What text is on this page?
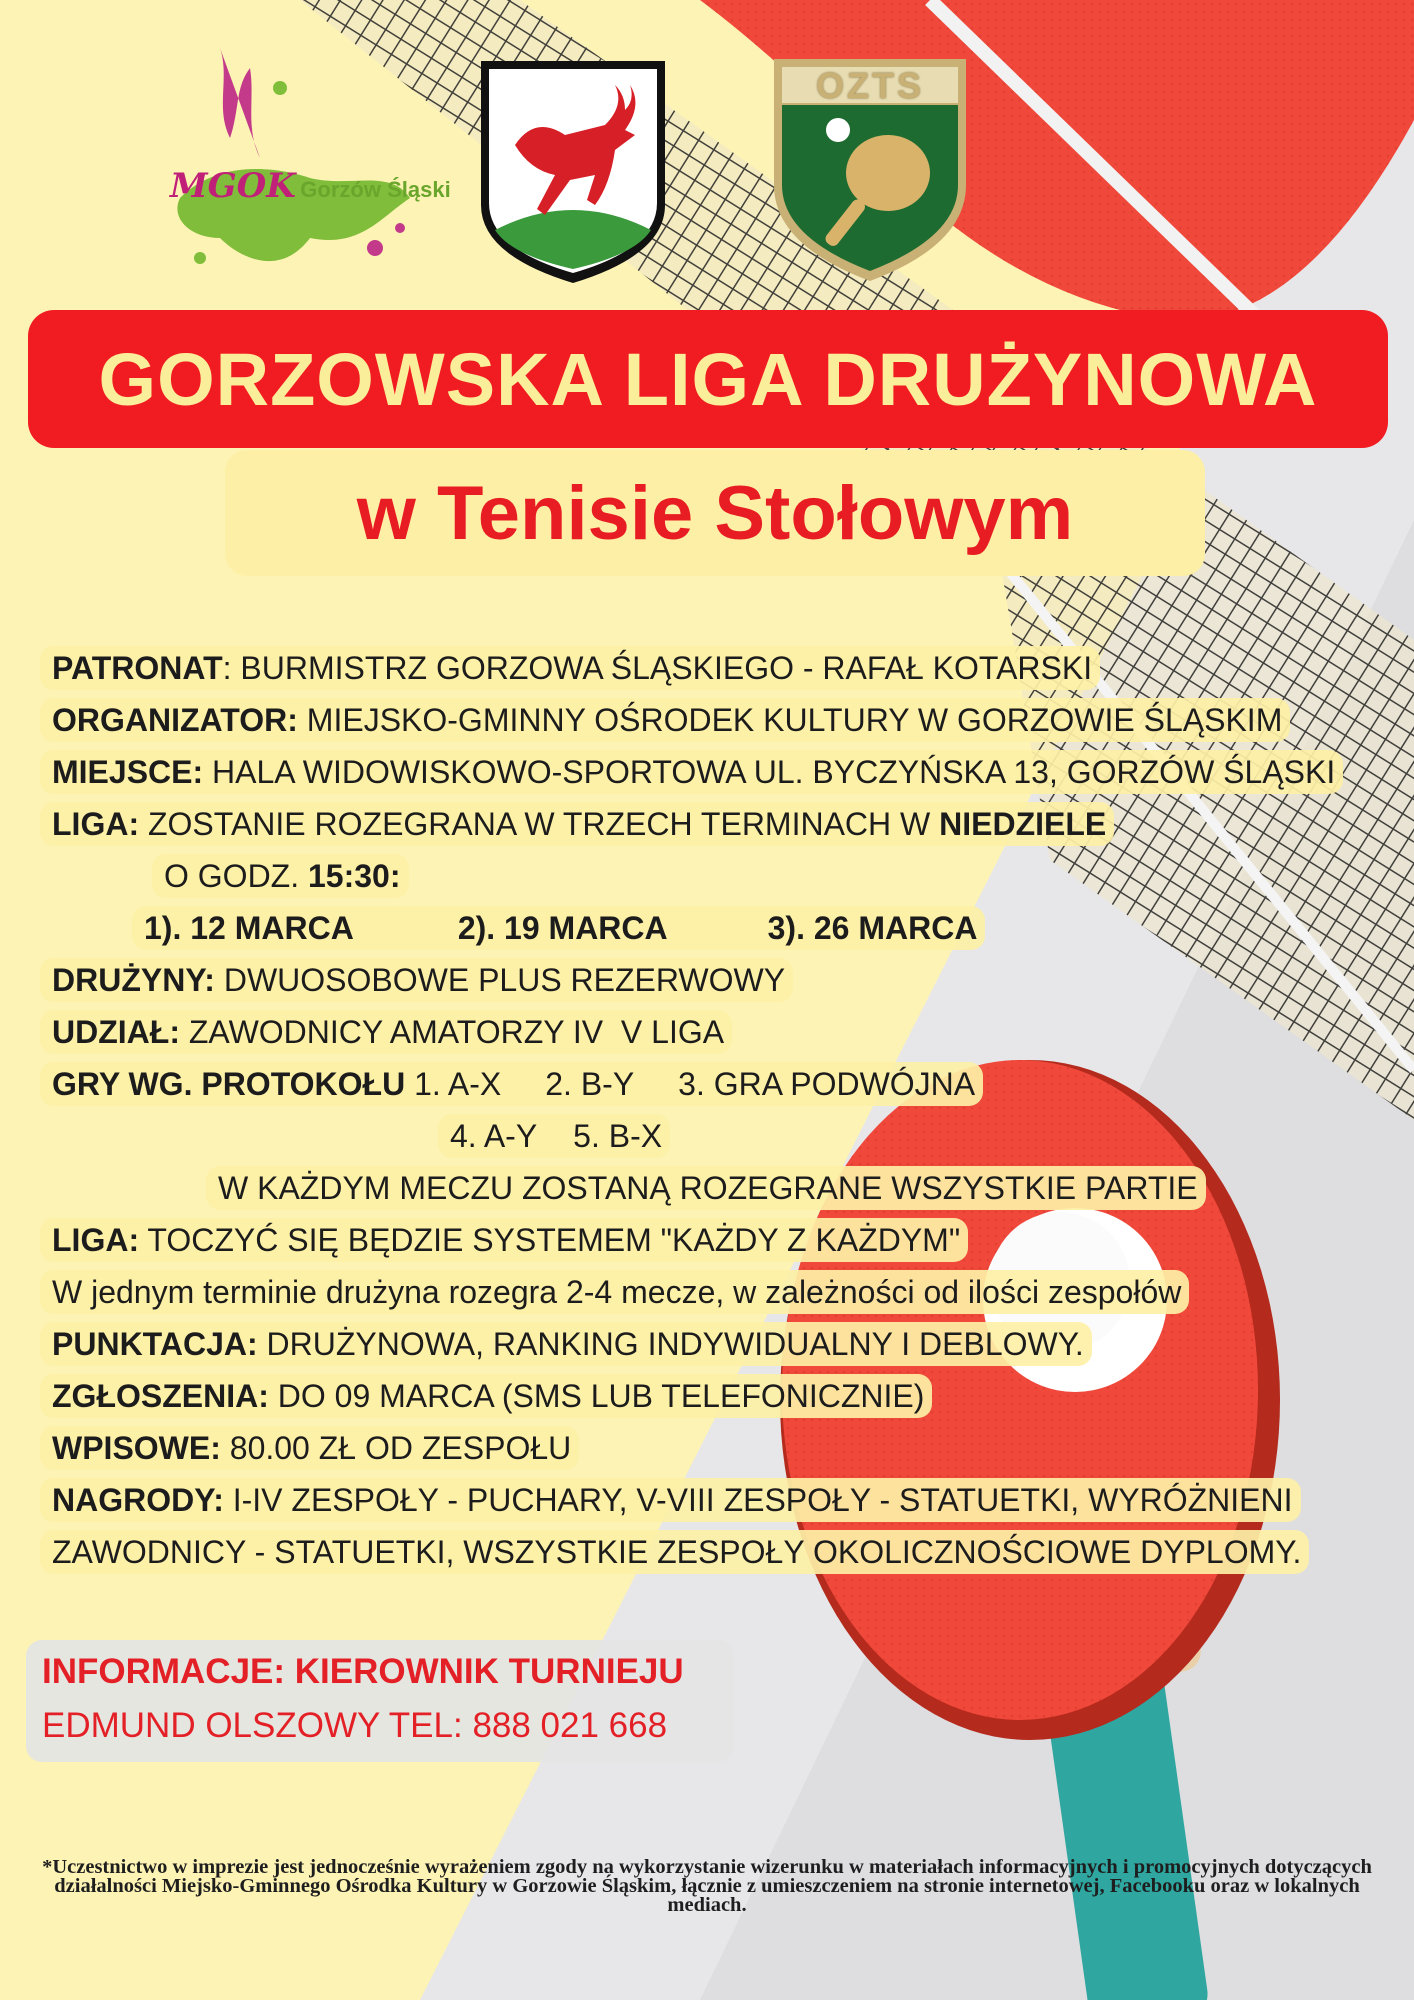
MGOK Gorzów Śląski
OZTS
GORZOWSKA LIGA DRUŻYNOWA
w Tenisie Stołowym
PATRONAT: BURMISTRZ GORZOWA ŚLĄSKIEGO - RAFAŁ KOTARSKI
ORGANIZATOR: MIEJSKO-GMINNY OŚRODEK KULTURY W GORZOWIE ŚLĄSKIM
MIEJSCE: HALA WIDOWISKOWO-SPORTOWA UL. BYCZYŃSKA 13, GORZÓW ŚLĄSKI
LIGA: ZOSTANIE ROZEGRANA W TRZECH TERMINACH W NIEDZIELE
O GODZ. 15:30:
1). 12 MARCA	2). 19 MARCA	3). 26 MARCA
DRUŻYNY: DWUOSOBOWE PLUS REZERWOWY
UDZIAŁ: ZAWODNICY AMATORZY IV  V LIGA
GRY WG. PROTOKOŁU 1. A-X 2. B-Y 3. GRA PODWÓJNA
4. A-Y 5. B-X
W KAŻDYM MECZU ZOSTANĄ ROZEGRANE WSZYSTKIE PARTIE
LIGA: TOCZYĆ SIĘ BĘDZIE SYSTEMEM "KAŻDY Z KAŻDYM"
W jednym terminie drużyna rozegra 2-4 mecze, w zależności od ilości zespołów
PUNKTACJA: DRUŻYNOWA, RANKING INDYWIDUALNY I DEBLOWY.
ZGŁOSZENIA: DO 09 MARCA (SMS LUB TELEFONICZNIE)
WPISOWE: 80.00 ZŁ OD ZESPOŁU
NAGRODY: I-IV ZESPOŁY - PUCHARY, V-VIII ZESPOŁY - STATUETKI, WYRÓŻNIENI
ZAWODNICY - STATUETKI, WSZYSTKIE ZESPOŁY OKOLICZNOŚCIOWE DYPLOMY.
INFORMACJE: KIEROWNIK TURNIEJU
EDMUND OLSZOWY TEL: 888 021 668
*Uczestnictwo w imprezie jest jednocześnie wyrażeniem zgody na wykorzystanie wizerunku w materiałach informacyjnych i promocyjnych dotyczących działalności Miejsko-Gminnego Ośrodka Kultury w Gorzowie Śląskim, łącznie z umieszczeniem na stronie internetowej, Facebooku oraz w lokalnych mediach.
